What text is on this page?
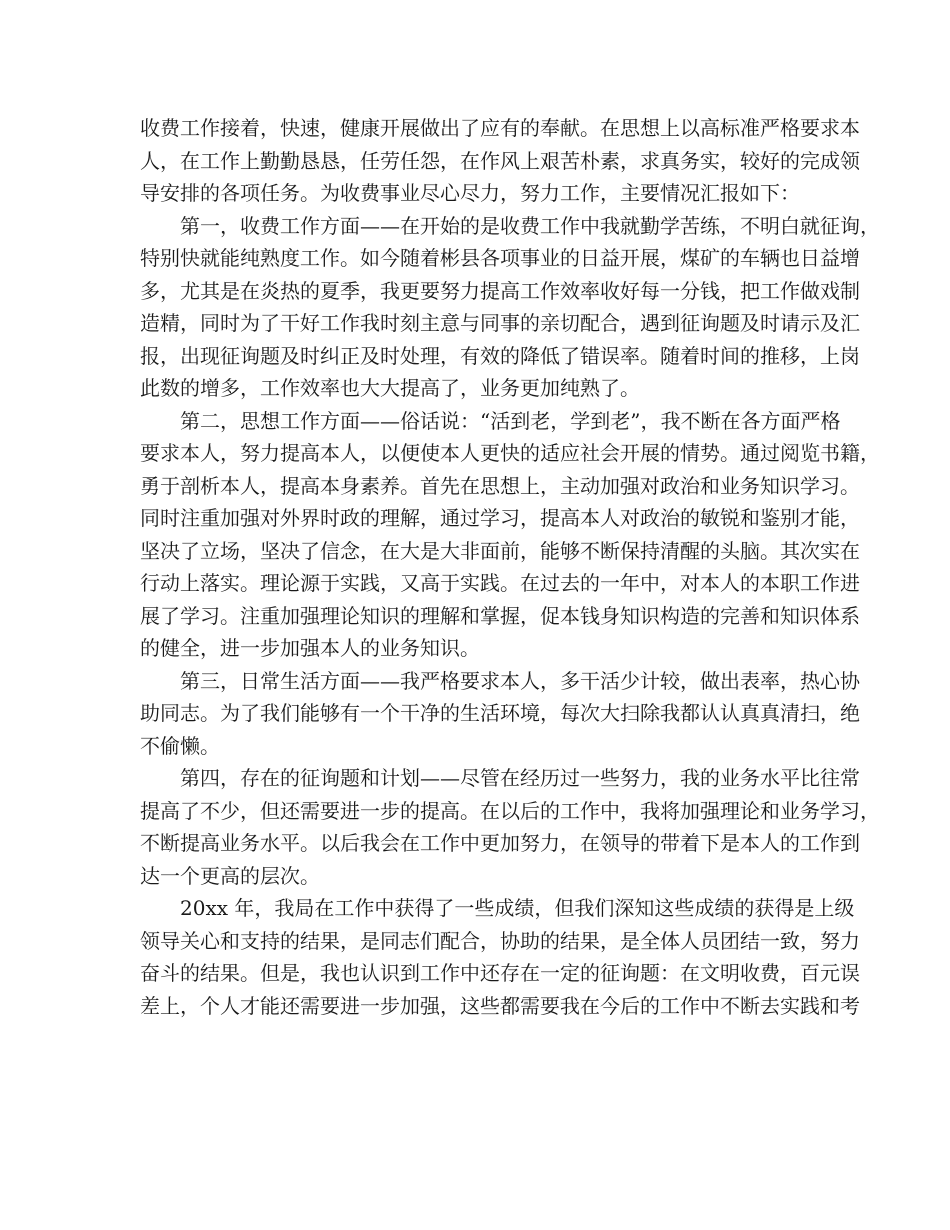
收费工作接着，快速，健康开展做出了应有的奉献。在思想上以高标准严格要求本
人，在工作上勤勤恳恳，任劳任怨，在作风上艰苦朴素，求真务实，较好的完成领
导安排的各项任务。为收费事业尽心尽力，努力工作，主要情况汇报如下：
第一，收费工作方面——在开始的是收费工作中我就勤学苦练，不明白就征询，
特别快就能纯熟度工作。如今随着彬县各项事业的日益开展，煤矿的车辆也日益增
多，尤其是在炎热的夏季，我更要努力提高工作效率收好每一分钱，把工作做戏制
造精，同时为了干好工作我时刻主意与同事的亲切配合，遇到征询题及时请示及汇
报，出现征询题及时纠正及时处理，有效的降低了错误率。随着时间的推移，上岗
此数的增多，工作效率也大大提高了，业务更加纯熟了。
第二，思想工作方面——俗话说：“活到老，学到老”，我不断在各方面严格
要求本人，努力提高本人，以便使本人更快的适应社会开展的情势。通过阅览书籍，
勇于剖析本人，提高本身素养。首先在思想上，主动加强对政治和业务知识学习。
同时注重加强对外界时政的理解，通过学习，提高本人对政治的敏锐和鉴别才能，
坚决了立场，坚决了信念，在大是大非面前，能够不断保持清醒的头脑。其次实在
行动上落实。理论源于实践，又高于实践。在过去的一年中，对本人的本职工作进
展了学习。注重加强理论知识的理解和掌握，促本钱身知识构造的完善和知识体系
的健全，进一步加强本人的业务知识。
第三，日常生活方面——我严格要求本人，多干活少计较，做出表率，热心协
助同志。为了我们能够有一个干净的生活环境，每次大扫除我都认认真真清扫，绝
不偷懒。
第四，存在的征询题和计划——尽管在经历过一些努力，我的业务水平比往常
提高了不少，但还需要进一步的提高。在以后的工作中，我将加强理论和业务学习，
不断提高业务水平。以后我会在工作中更加努力，在领导的带着下是本人的工作到
达一个更高的层次。
20xx 年，我局在工作中获得了一些成绩，但我们深知这些成绩的获得是上级
领导关心和支持的结果，是同志们配合，协助的结果，是全体人员团结一致，努力
奋斗的结果。但是，我也认识到工作中还存在一定的征询题：在文明收费，百元误
差上，个人才能还需要进一步加强，这些都需要我在今后的工作中不断去实践和考
